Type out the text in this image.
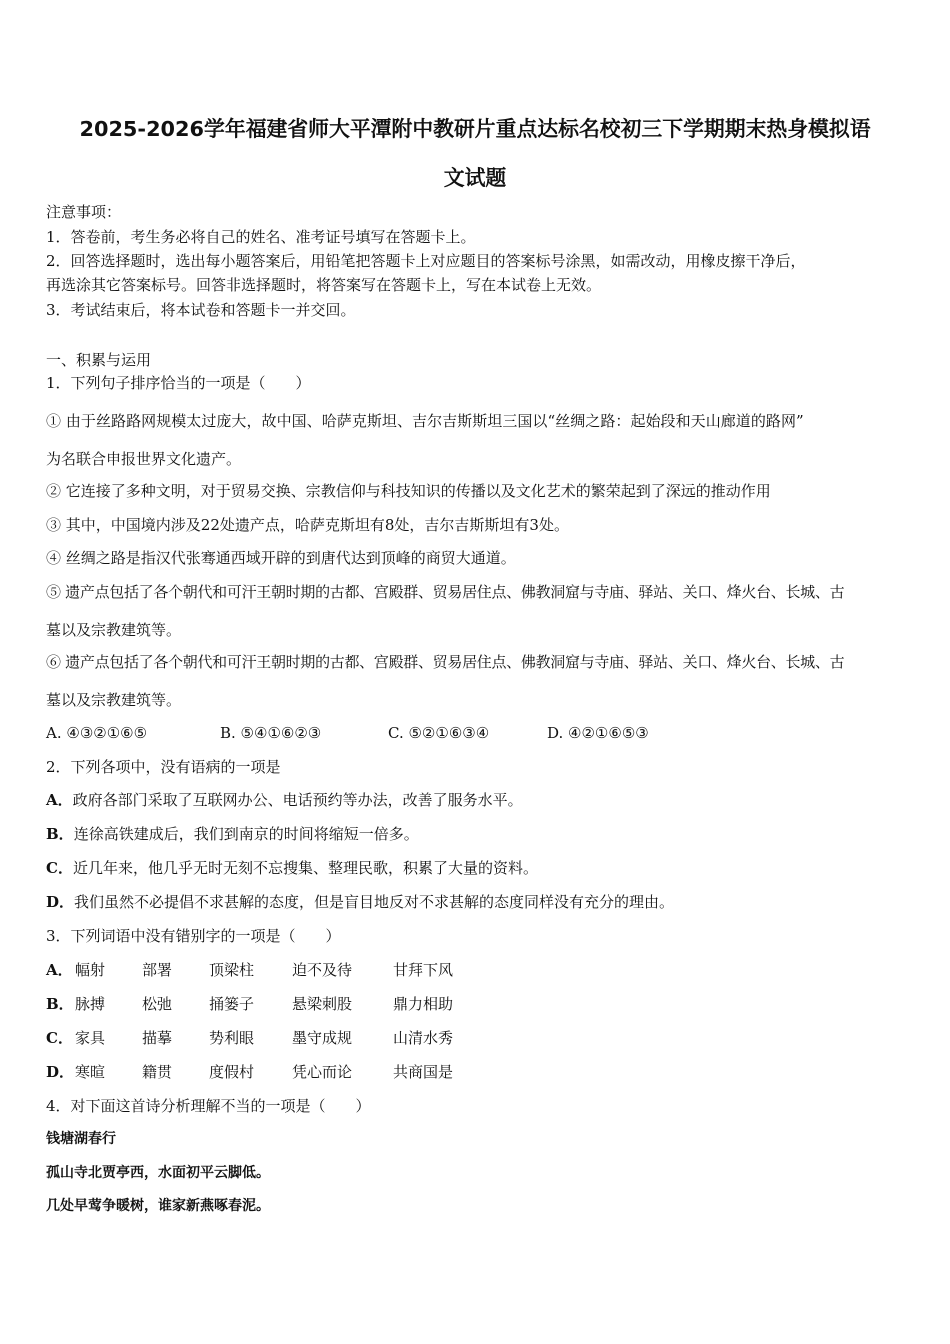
2025-2026学年福建省师大平潭附中教研片重点达标名校初三下学期期末热身模拟语
文试题
注意事项：
1．答卷前，考生务必将自己的姓名、准考证号填写在答题卡上。
2．回答选择题时，选出每小题答案后，用铅笔把答题卡上对应题目的答案标号涂黑，如需改动，用橡皮擦干净后，
再选涂其它答案标号。回答非选择题时，将答案写在答题卡上，写在本试卷上无效。
3．考试结束后，将本试卷和答题卡一并交回。
一、积累与运用
1．下列句子排序恰当的一项是（　　）
① 由于丝路路网规模太过庞大，故中国、哈萨克斯坦、吉尔吉斯斯坦三国以“丝绸之路：起始段和天山廊道的路网”
为名联合申报世界文化遗产。
② 它连接了多种文明，对于贸易交换、宗教信仰与科技知识的传播以及文化艺术的繁荣起到了深远的推动作用
③ 其中，中国境内涉及22处遗产点，哈萨克斯坦有8处，吉尔吉斯斯坦有3处。
④ 丝绸之路是指汉代张骞通西域开辟的到唐代达到顶峰的商贸大通道。
⑤ 遗产点包括了各个朝代和可汗王朝时期的古都、宫殿群、贸易居住点、佛教洞窟与寺庙、驿站、关口、烽火台、长城、古
墓以及宗教建筑等。
⑥ 遗产点包括了各个朝代和可汗王朝时期的古都、宫殿群、贸易居住点、佛教洞窟与寺庙、驿站、关口、烽火台、长城、古
墓以及宗教建筑等。
A. ④③②①⑥⑤	B. ⑤④①⑥②③	C. ⑤②①⑥③④	D. ④②①⑥⑤③
2．下列各项中，没有语病的一项是
A．政府各部门采取了互联网办公、电话预约等办法，改善了服务水平。
B．连徐高铁建成后，我们到南京的时间将缩短一倍多。
C．近几年来，他几乎无时无刻不忘搜集、整理民歌，积累了大量的资料。
D．我们虽然不必提倡不求甚解的态度，但是盲目地反对不求甚解的态度同样没有充分的理由。
3．下列词语中没有错别字的一项是（　　）
A． 幅射 部署 顶梁柱	迫不及待	甘拜下风
B． 脉搏 松弛 捅篓子	悬梁刺股	鼎力相助
C． 家具 描摹 势利眼	墨守成规	山清水秀
D． 寒暄 籍贯 度假村	凭心而论	共商国是
4．对下面这首诗分析理解不当的一项是（　　）
钱塘湖春行
孤山寺北贾亭西，水面初平云脚低。
几处早莺争暖树，谁家新燕啄春泥。
